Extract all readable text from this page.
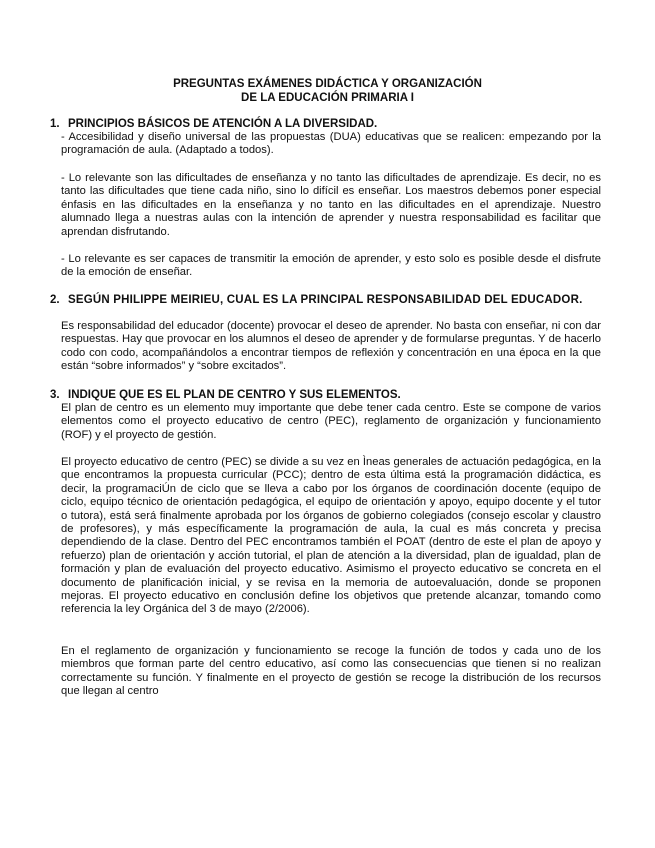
PREGUNTAS EXÁMENES DIDÁCTICA Y ORGANIZACIÓN
DE LA EDUCACIÓN PRIMARIA I
1. PRINCIPIOS BÁSICOS DE ATENCIÓN A LA DIVERSIDAD.
- Accesibilidad y diseño universal de las propuestas (DUA) educativas que se realicen: empezando por la programación de aula. (Adaptado a todos).
- Lo relevante son las dificultades de enseñanza y no tanto las dificultades de aprendizaje. Es decir, no es tanto las dificultades que tiene cada niño, sino lo difícil es enseñar. Los maestros debemos poner especial énfasis en las dificultades en la enseñanza y no tanto en las dificultades en el aprendizaje. Nuestro alumnado llega a nuestras aulas con la intención de aprender y nuestra responsabilidad es facilitar que aprendan disfrutando.
- Lo relevante es ser capaces de transmitir la emoción de aprender, y esto solo es posible desde el disfrute de la emoción de enseñar.
2. SEGÚN PHILIPPE MEIRIEU, CUAL ES LA PRINCIPAL RESPONSABILIDAD DEL EDUCADOR.
Es responsabilidad del educador (docente) provocar el deseo de aprender. No basta con enseñar, ni con dar respuestas. Hay que provocar en los alumnos el deseo de aprender y de formularse preguntas. Y de hacerlo codo con codo, acompañándolos a encontrar tiempos de reflexión y concentración en una época en la que están “sobre informados” y “sobre excitados”.
3. INDIQUE QUE ES EL PLAN DE CENTRO Y SUS ELEMENTOS.
El plan de centro es un elemento muy importante que debe tener cada centro. Este se compone de varios elementos como el proyecto educativo de centro (PEC), reglamento de organización y funcionamiento (ROF) y el proyecto de gestión.
El proyecto educativo de centro (PEC) se divide a su vez en Ìneas generales de actuación pedagógica, en la que encontramos la propuesta curricular (PCC); dentro de esta última está la programación didáctica, es decir, la programaciÚn de ciclo que se lleva a cabo por los órganos de coordinación docente (equipo de ciclo, equipo técnico de orientación pedagógica, el equipo de orientación y apoyo, equipo docente y el tutor o tutora), está será finalmente aprobada por los órganos de gobierno colegiados (consejo escolar y claustro de profesores), y más específicamente la programación de aula, la cual es más concreta y precisa dependiendo de la clase. Dentro del PEC encontramos también el POAT (dentro de este el plan de apoyo y refuerzo) plan de orientación y acción tutorial, el plan de atención a la diversidad, plan de igualdad, plan de formación y plan de evaluación del proyecto educativo. Asimismo el proyecto educativo se concreta en el documento de planificación inicial, y se revisa en la memoria de autoevaluación, donde se proponen mejoras. El proyecto educativo en conclusión define los objetivos que pretende alcanzar, tomando como referencia la ley Orgánica del 3 de mayo (2/2006).
En el reglamento de organización y funcionamiento se recoge la función de todos y cada uno de los miembros que forman parte del centro educativo, así como las consecuencias que tienen si no realizan correctamente su función. Y finalmente en el proyecto de gestión se recoge la distribución de los recursos que llegan al centro
